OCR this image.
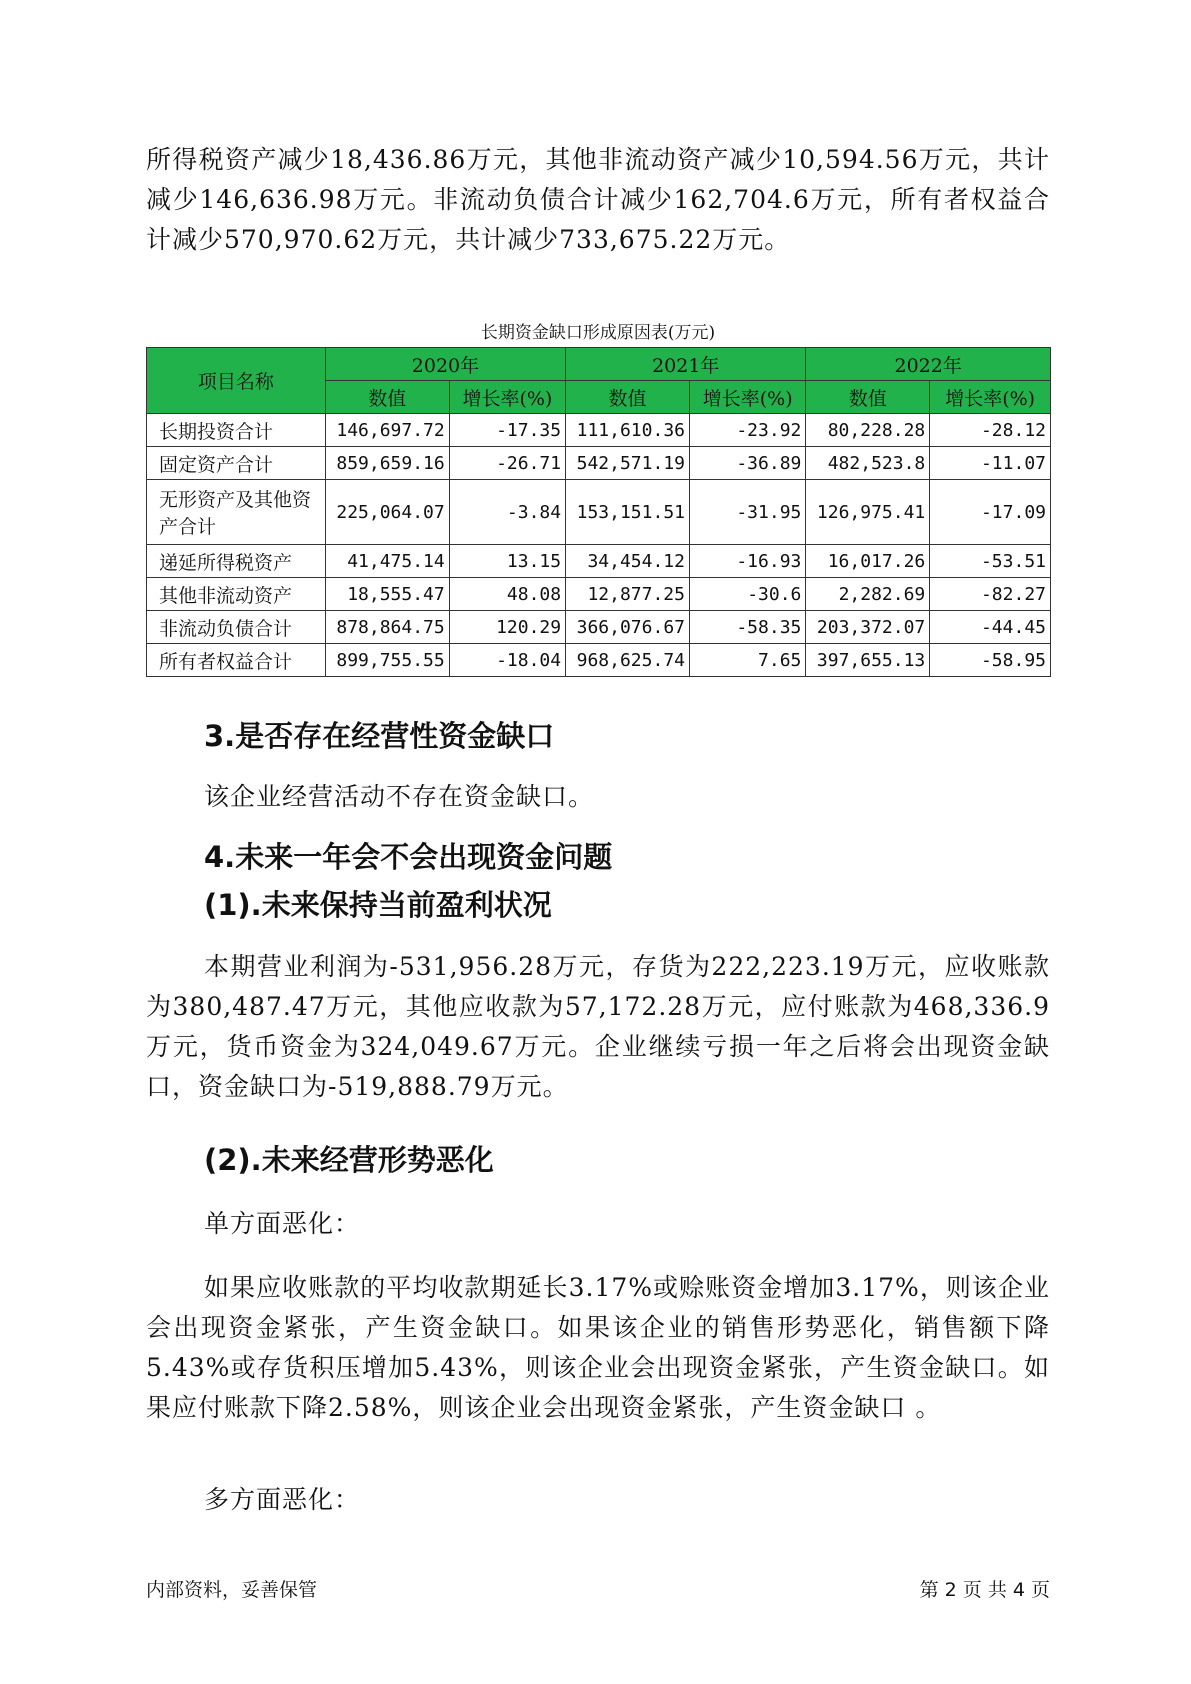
所得税资产减少18,436.86万元，其他非流动资产减少10,594.56万元，共计减少146,636.98万元。非流动负债合计减少162,704.6万元，所有者权益合计减少570,970.62万元，共计减少733,675.22万元。

长期资金缺口形成原因表(万元)
项目名称	2020年		2021年		2022年	
	数值	增长率(%)	数值	增长率(%)	数值	增长率(%)
长期投资合计	146,697.72	-17.35	111,610.36	-23.92	80,228.28	-28.12
固定资产合计	859,659.16	-26.71	542,571.19	-36.89	482,523.8	-11.07
无形资产及其他资产合计	225,064.07	-3.84	153,151.51	-31.95	126,975.41	-17.09
递延所得税资产	41,475.14	13.15	34,454.12	-16.93	16,017.26	-53.51
其他非流动资产	18,555.47	48.08	12,877.25	-30.6	2,282.69	-82.27
非流动负债合计	878,864.75	120.29	366,076.67	-58.35	203,372.07	-44.45
所有者权益合计	899,755.55	-18.04	968,625.74	7.65	397,655.13	-58.95
3.是否存在经营性资金缺口

该企业经营活动不存在资金缺口。

4.未来一年会不会出现资金问题
(1).未来保持当前盈利状况

本期营业利润为-531,956.28万元，存货为222,223.19万元，应收账款为380,487.47万元，其他应收款为57,172.28万元，应付账款为468,336.9万元，货币资金为324,049.67万元。企业继续亏损一年之后将会出现资金缺口，资金缺口为-519,888.79万元。

(2).未来经营形势恶化

单方面恶化：

如果应收账款的平均收款期延长3.17%或赊账资金增加3.17%，则该企业会出现资金紧张，产生资金缺口。如果该企业的销售形势恶化，销售额下降5.43%或存货积压增加5.43%，则该企业会出现资金紧张，产生资金缺口。如果应付账款下降2.58%，则该企业会出现资金紧张，产生资金缺口 。

多方面恶化：

内部资料，妥善保管	第 2 页 共 4 页
